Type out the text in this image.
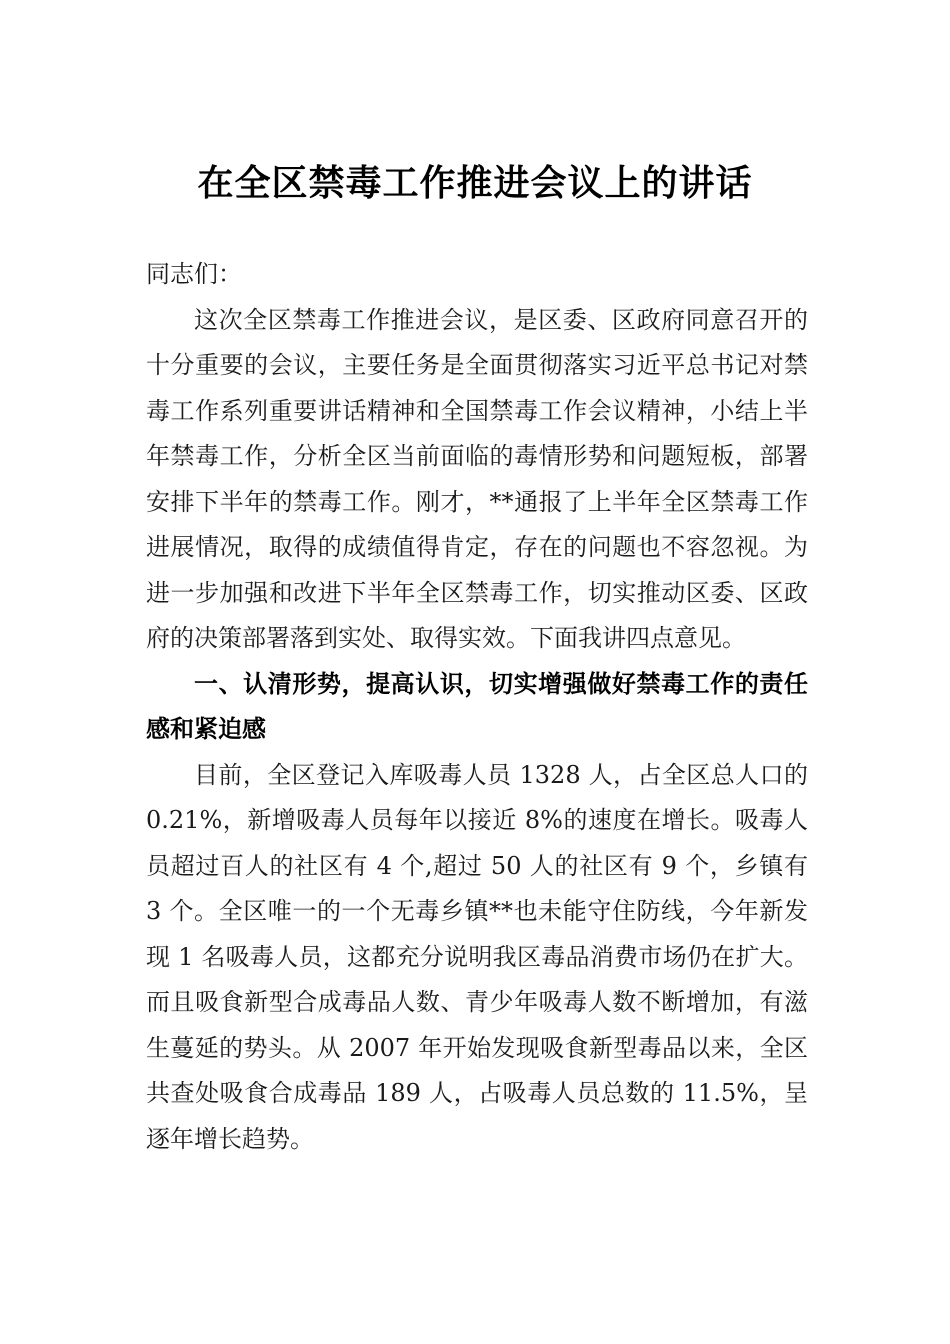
在全区禁毒工作推进会议上的讲话

同志们：

这次全区禁毒工作推进会议，是区委、区政府同意召开的十分重要的会议，主要任务是全面贯彻落实习近平总书记对禁毒工作系列重要讲话精神和全国禁毒工作会议精神，小结上半年禁毒工作，分析全区当前面临的毒情形势和问题短板，部署安排下半年的禁毒工作。刚才，**通报了上半年全区禁毒工作进展情况，取得的成绩值得肯定，存在的问题也不容忽视。为进一步加强和改进下半年全区禁毒工作，切实推动区委、区政府的决策部署落到实处、取得实效。下面我讲四点意见。

一、认清形势，提高认识，切实增强做好禁毒工作的责任感和紧迫感

目前，全区登记入库吸毒人员 1328 人，占全区总人口的 0.21%，新增吸毒人员每年以接近 8%的速度在增长。吸毒人员超过百人的社区有 4 个,超过 50 人的社区有 9 个，乡镇有 3 个。全区唯一的一个无毒乡镇**也未能守住防线，今年新发现 1 名吸毒人员，这都充分说明我区毒品消费市场仍在扩大。而且吸食新型合成毒品人数、青少年吸毒人数不断增加，有滋生蔓延的势头。从 2007 年开始发现吸食新型毒品以来，全区共查处吸食合成毒品 189 人，占吸毒人员总数的 11.5%，呈逐年增长趋势。
